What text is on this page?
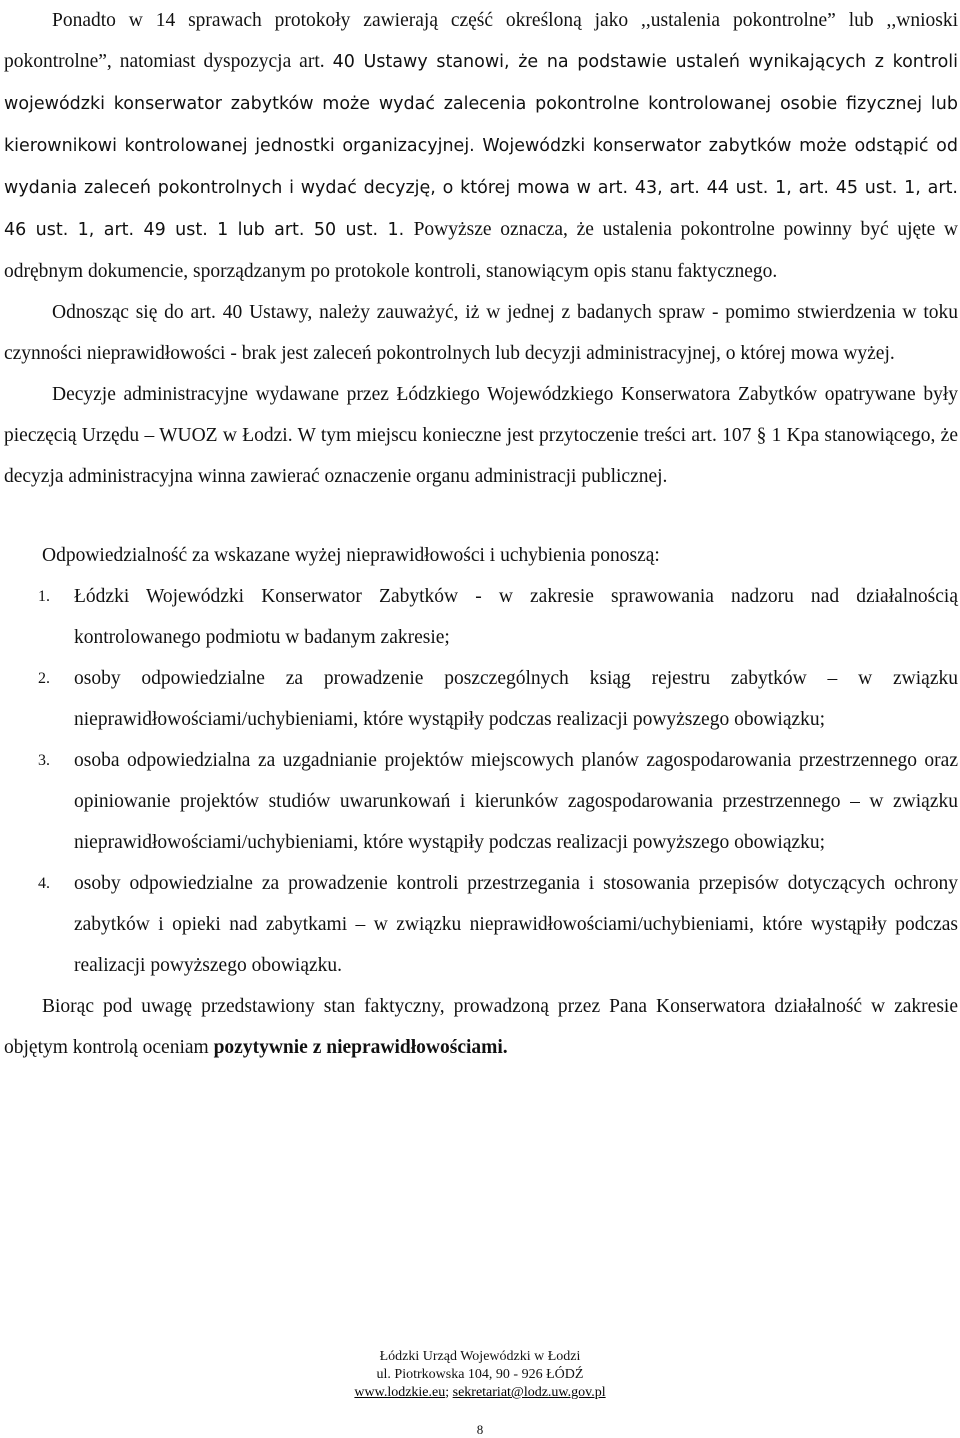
Ponadto w 14 sprawach protokoły zawierają część określoną jako ,,ustalenia pokontrolne” lub ,,wnioski pokontrolne”, natomiast dyspozycja art. 40 Ustawy stanowi, że na podstawie ustaleń wynikających z kontroli wojewódzki konserwator zabytków może wydać zalecenia pokontrolne kontrolowanej osobie fizycznej lub kierownikowi kontrolowanej jednostki organizacyjnej. Wojewódzki konserwator zabytków może odstąpić od wydania zaleceń pokontrolnych i wydać decyzję, o której mowa w art. 43, art. 44 ust. 1, art. 45 ust. 1, art. 46 ust. 1, art. 49 ust. 1 lub art. 50 ust. 1. Powyższe oznacza, że ustalenia pokontrolne powinny być ujęte w odrębnym dokumencie, sporządzanym po protokole kontroli, stanowiącym opis stanu faktycznego.

Odnosząc się do art. 40 Ustawy, należy zauważyć, iż w jednej z badanych spraw - pomimo stwierdzenia w toku czynności nieprawidłowości - brak jest zaleceń pokontrolnych lub decyzji administracyjnej, o której mowa wyżej.

Decyzje administracyjne wydawane przez Łódzkiego Wojewódzkiego Konserwatora Zabytków opatrywane były pieczęcią Urzędu – WUOZ w Łodzi. W tym miejscu konieczne jest przytoczenie treści art. 107 § 1 Kpa stanowiącego, że decyzja administracyjna winna zawierać oznaczenie organu administracji publicznej.

Odpowiedzialność za wskazane wyżej nieprawidłowości i uchybienia ponoszą:

1. Łódzki Wojewódzki Konserwator Zabytków - w zakresie sprawowania nadzoru nad działalnością kontrolowanego podmiotu w badanym zakresie;
2. osoby odpowiedzialne za prowadzenie poszczególnych ksiąg rejestru zabytków – w związku nieprawidłowościami/uchybieniami, które wystąpiły podczas realizacji powyższego obowiązku;
3. osoba odpowiedzialna za uzgadnianie projektów miejscowych planów zagospodarowania przestrzennego oraz opiniowanie projektów studiów uwarunkowań i kierunków zagospodarowania przestrzennego – w związku nieprawidłowościami/uchybieniami, które wystąpiły podczas realizacji powyższego obowiązku;
4. osoby odpowiedzialne za prowadzenie kontroli przestrzegania i stosowania przepisów dotyczących ochrony zabytków i opieki nad zabytkami – w związku nieprawidłowościami/uchybieniami, które wystąpiły podczas realizacji powyższego obowiązku.

Biorąc pod uwagę przedstawiony stan faktyczny, prowadzoną przez Pana Konserwatora działalność w zakresie objętym kontrolą oceniam pozytywnie z nieprawidłowościami.

Łódzki Urząd Wojewódzki w Łodzi
ul. Piotrkowska 104, 90 - 926 ŁÓDŹ
www.lodzkie.eu; sekretariat@lodz.uw.gov.pl
8
